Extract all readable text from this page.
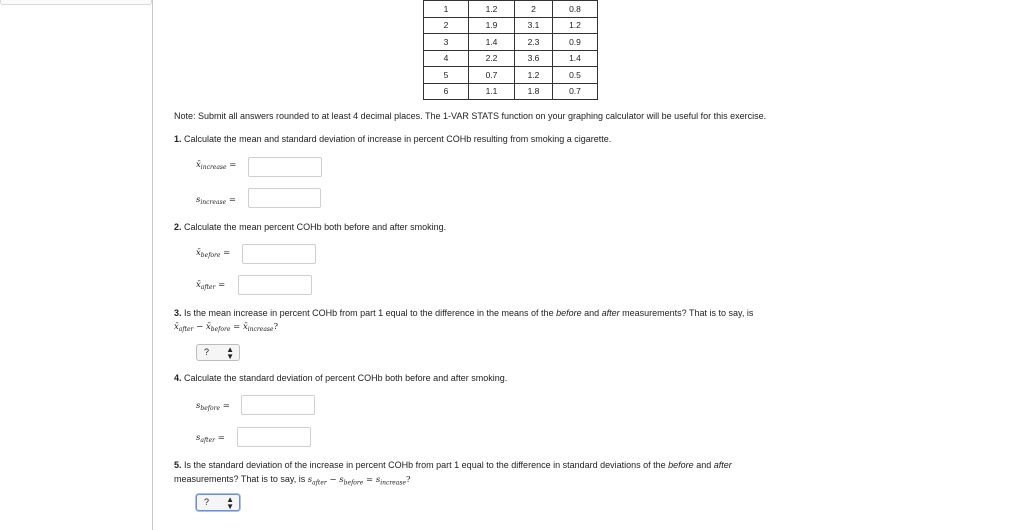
1	1.2	2	0.8
2	1.9	3.1	1.2
3	1.4	2.3	0.9
4	2.2	3.6	1.4
5	0.7	1.2	0.5
6	1.1	1.8	0.7
Note: Submit all answers rounded to at least 4 decimal places. The 1-VAR STATS function on your graphing calculator will be useful for this exercise.
1. Calculate the mean and standard deviation of increase in percent COHb resulting from smoking a cigarette.
$x̄_{increase}$ =
$s_{increase}$ =
2. Calculate the mean percent COHb both before and after smoking.
$x̄_{before}$ =
$x̄_{after}$ =
3. Is the mean increase in percent COHb from part 1 equal to the difference in the means of the before and after measurements? That is to say, is
$x̄_{after}$ − $x̄_{before}$ = $x̄_{increase}$?
? ▲
▼
4. Calculate the standard deviation of percent COHb both before and after smoking.
$s_{before}$ =
$s_{after}$ =
5. Is the standard deviation of the increase in percent COHb from part 1 equal to the difference in standard deviations of the before and after
measurements? That is to say, is $s_{after} - s_{before} = s_{increase}$?
? ▲
▼
